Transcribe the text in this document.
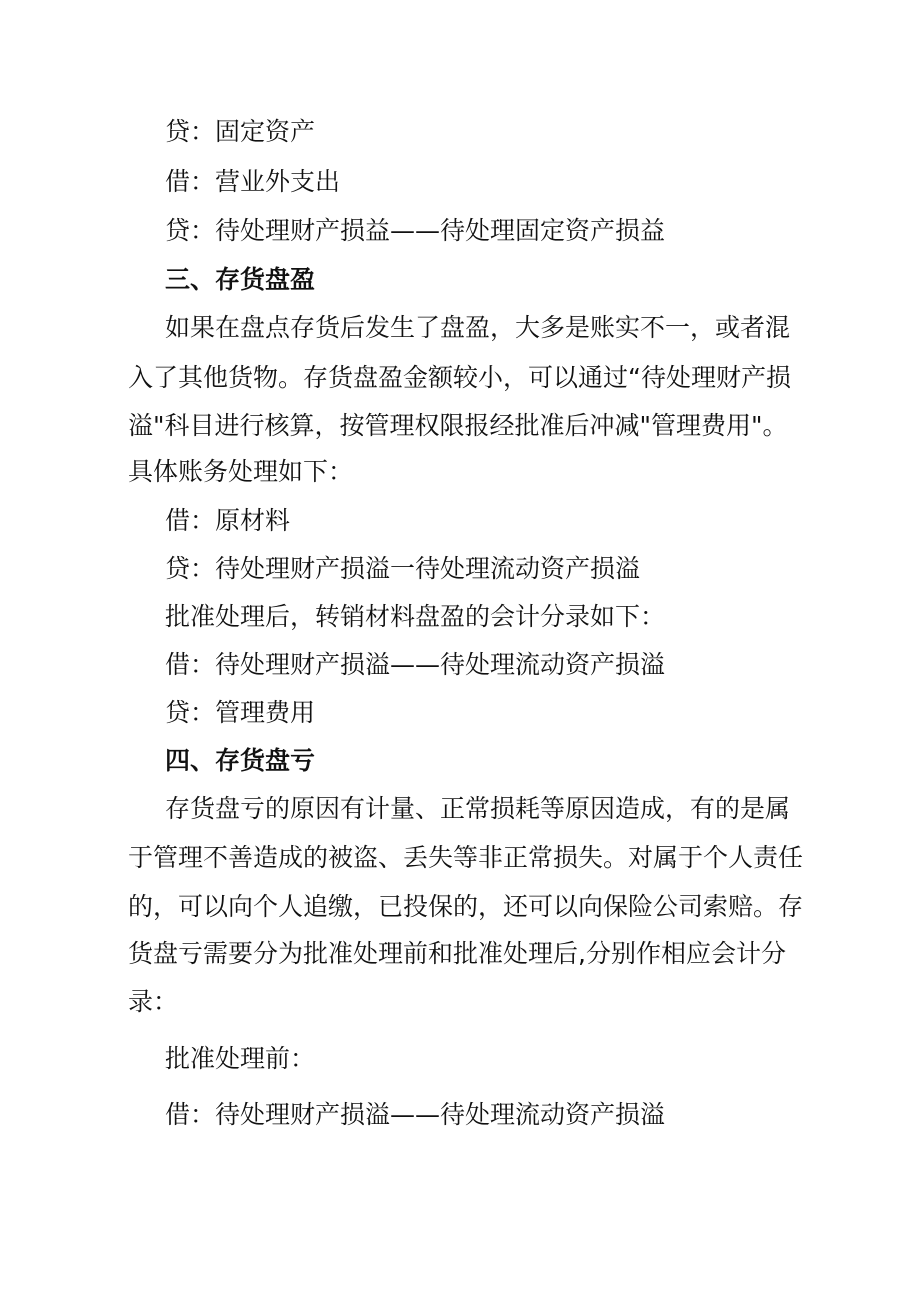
贷：固定资产
借：营业外支出
贷：待处理财产损益——待处理固定资产损益
三、存货盘盈
如果在盘点存货后发生了盘盈，大多是账实不一，或者混
入了其他货物。存货盘盈金额较小，可以通过“待处理财产损
溢"科目进行核算，按管理权限报经批准后冲减"管理费用"。
具体账务处理如下：
借：原材料
贷：待处理财产损溢一待处理流动资产损溢
批准处理后，转销材料盘盈的会计分录如下：
借：待处理财产损溢——待处理流动资产损溢
贷：管理费用
四、存货盘亏
存货盘亏的原因有计量、正常损耗等原因造成，有的是属
于管理不善造成的被盗、丢失等非正常损失。对属于个人责任
的，可以向个人追缴，已投保的，还可以向保险公司索赔。存
货盘亏需要分为批准处理前和批准处理后,分别作相应会计分
录：
批准处理前：
借：待处理财产损溢——待处理流动资产损溢
